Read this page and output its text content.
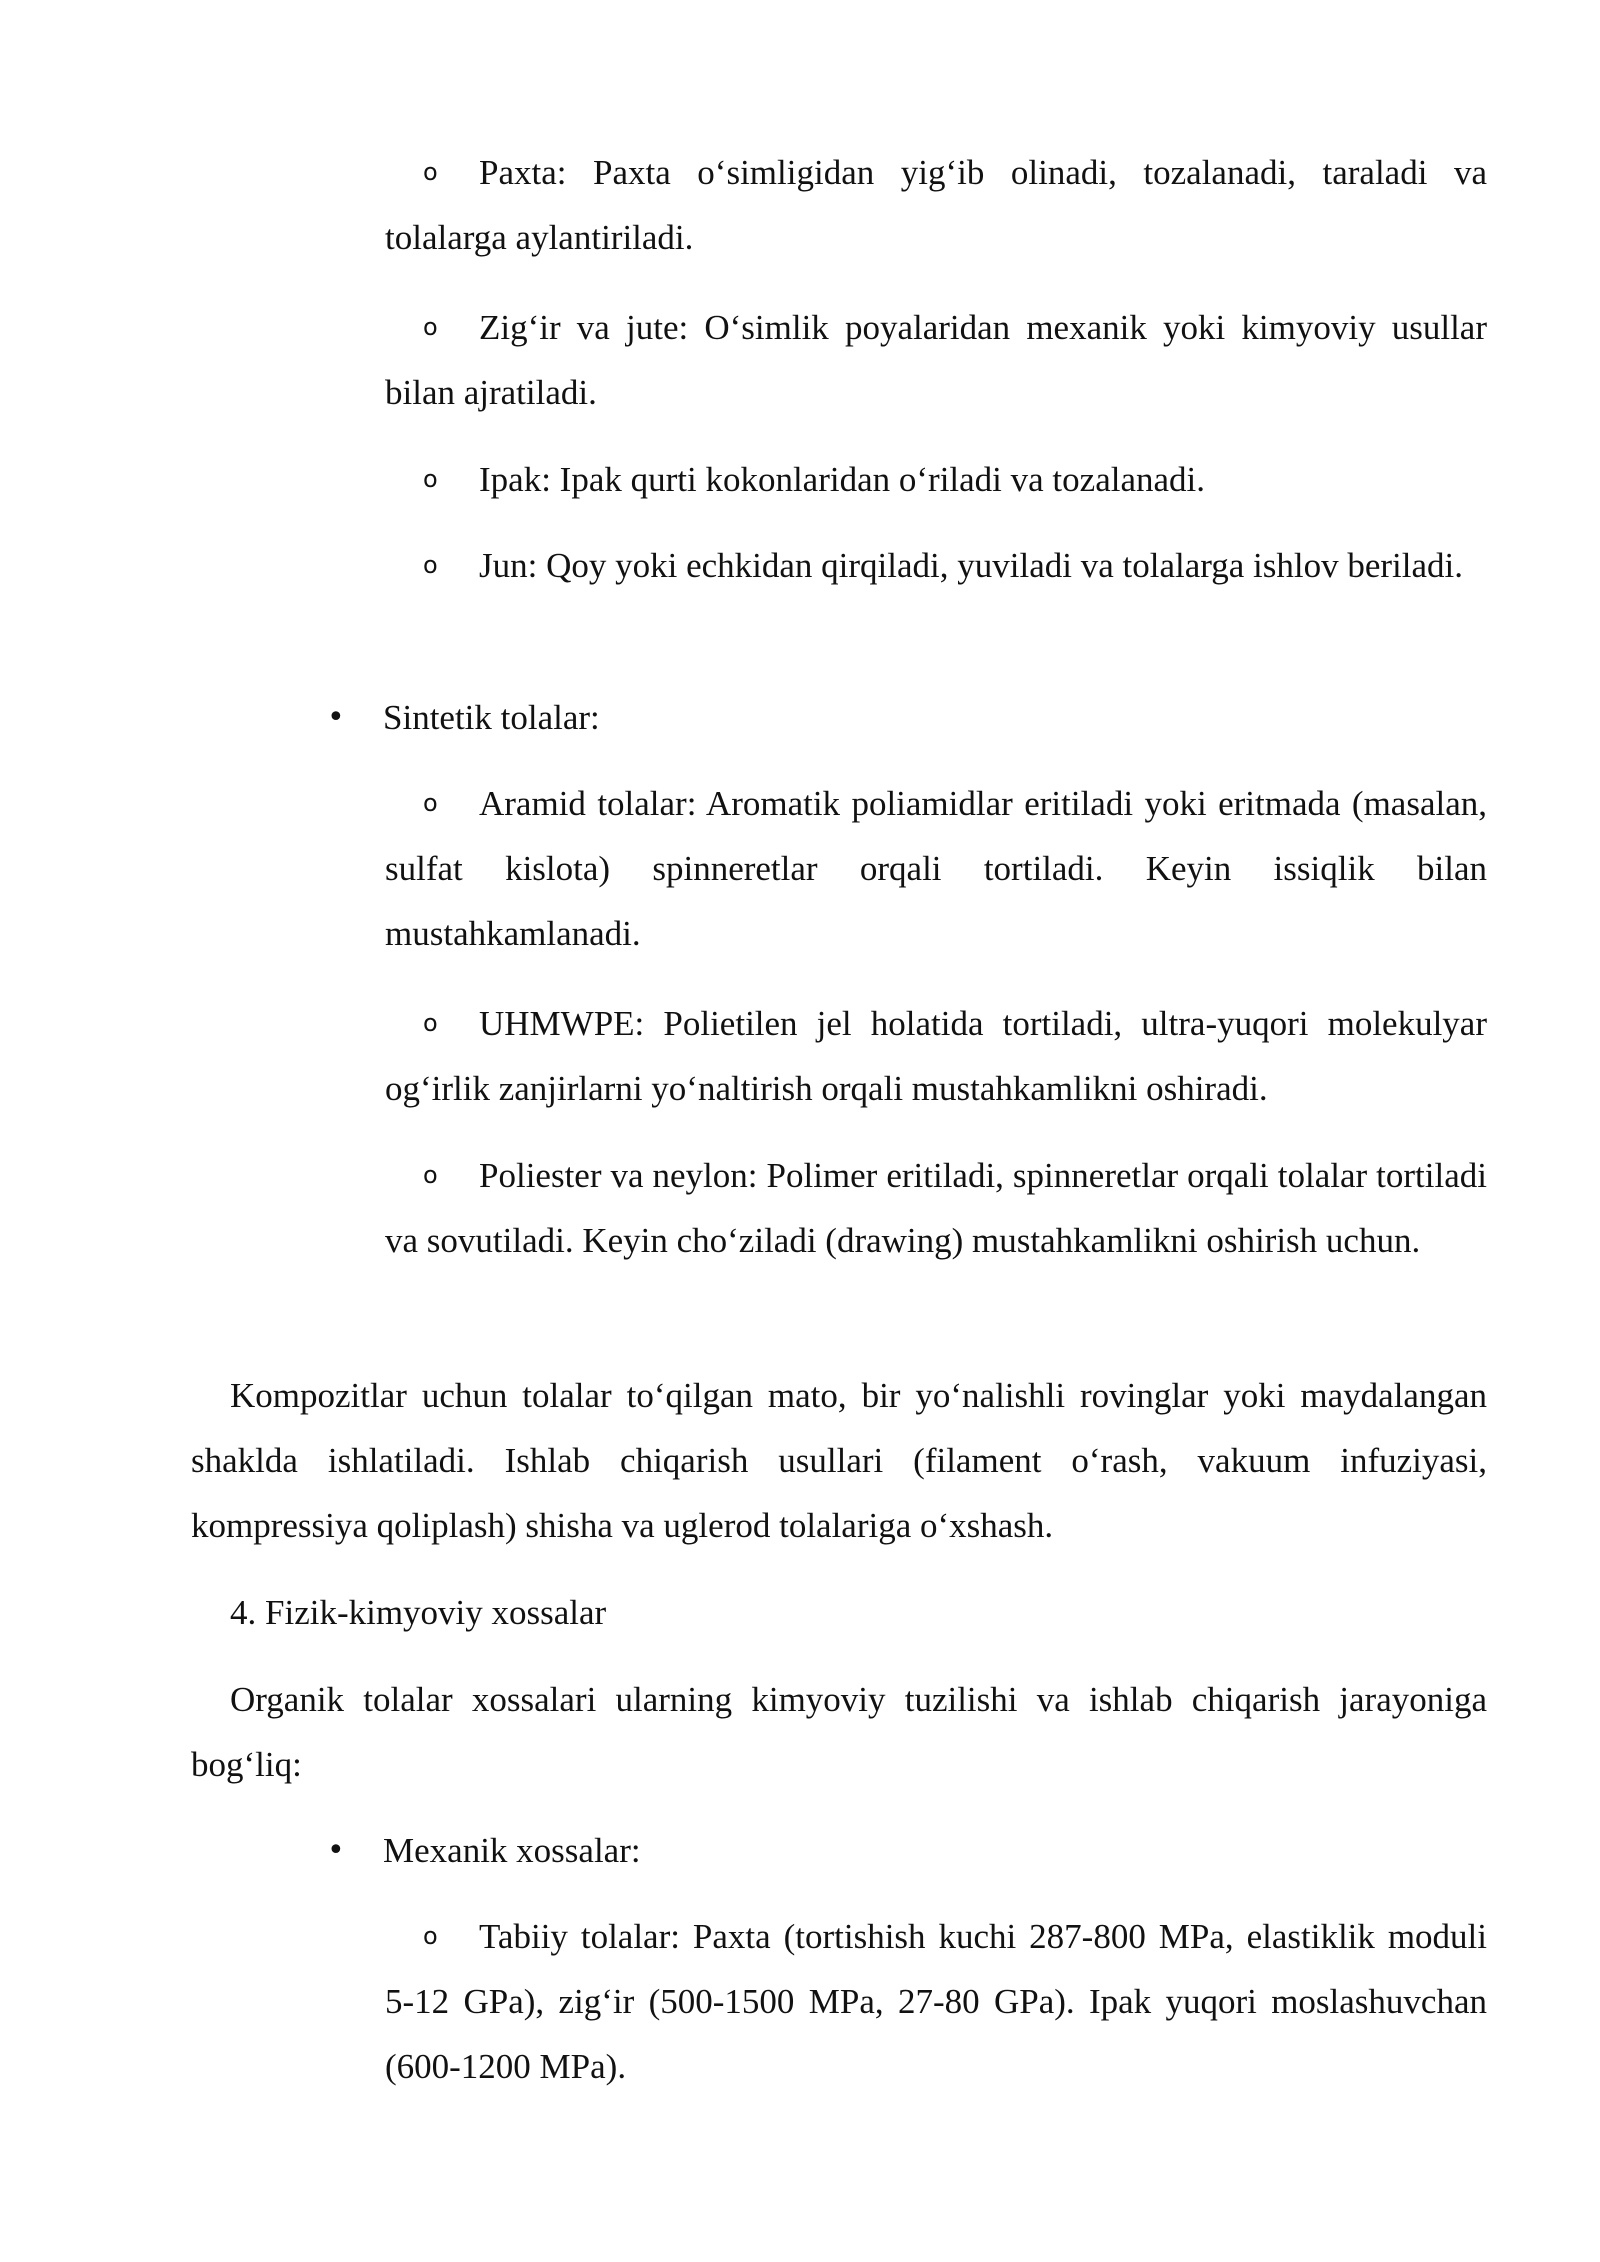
o Paxta: Paxta o‘simligidan yig‘ib olinadi, tozalanadi, taraladi va tolalarga aylantiriladi.
o Zig‘ir va jute: O‘simlik poyalaridan mexanik yoki kimyoviy usullar bilan ajratiladi.
o Ipak: Ipak qurti kokonlaridan o‘riladi va tozalanadi.
o Jun: Qoy yoki echkidan qirqiladi, yuviladi va tolalarga ishlov beriladi.
• Sintetik tolalar:
o Aramid tolalar: Aromatik poliamidlar eritiladi yoki eritmada (masalan, sulfat kislota) spinneretlar orqali tortiladi. Keyin issiqlik bilan mustahkamlanadi.
o UHMWPE: Polietilen jel holatida tortiladi, ultra-yuqori molekulyar og‘irlik zanjirlarni yo‘naltirish orqali mustahkamlikni oshiradi.
o Poliester va neylon: Polimer eritiladi, spinneretlar orqali tolalar tortiladi va sovutiladi. Keyin cho‘ziladi (drawing) mustahkamlikni oshirish uchun.
Kompozitlar uchun tolalar to‘qilgan mato, bir yo‘nalishli rovinglar yoki maydalangan shaklda ishlatiladi. Ishlab chiqarish usullari (filament o‘rash, vakuum infuziyasi, kompressiya qoliplash) shisha va uglerod tolalariga o‘xshash.
4. Fizik-kimyoviy xossalar
Organik tolalar xossalari ularning kimyoviy tuzilishi va ishlab chiqarish jarayoniga bog‘liq:
• Mexanik xossalar:
o Tabiiy tolalar: Paxta (tortishish kuchi 287-800 MPa, elastiklik moduli 5-12 GPa), zig‘ir (500-1500 MPa, 27-80 GPa). Ipak yuqori moslashuvchan (600-1200 MPa).
